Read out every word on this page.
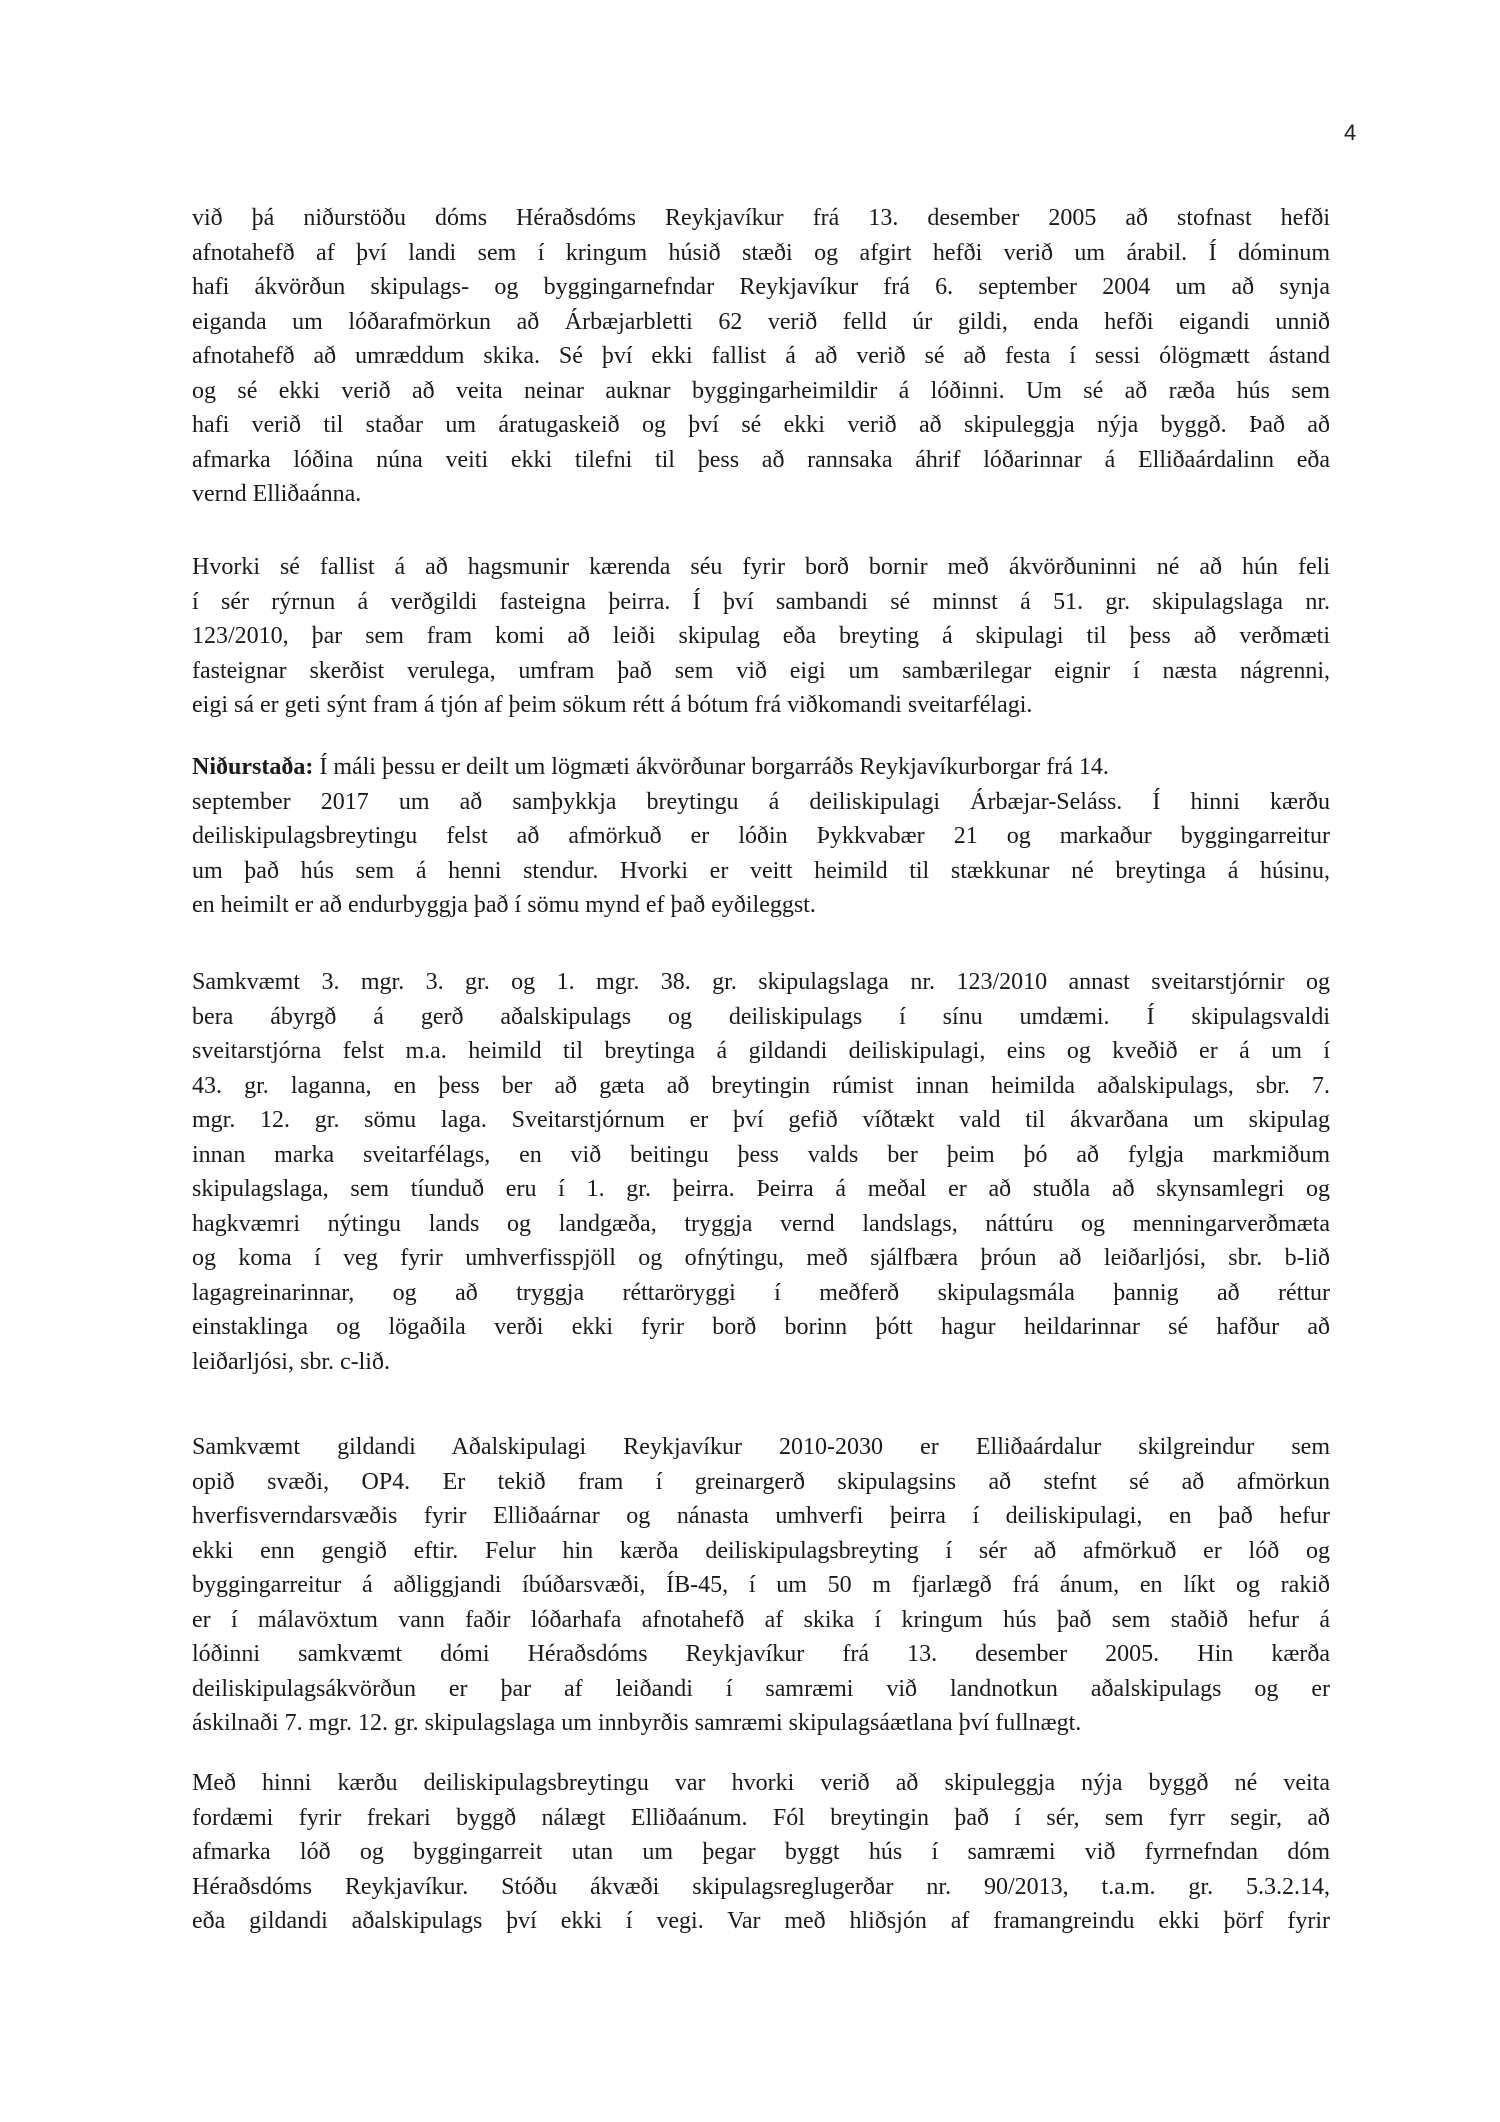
4
við þá niðurstöðu dóms Héraðsdóms Reykjavíkur frá 13. desember 2005 að stofnast hefði
afnotahefð af því landi sem í kringum húsið stæði og afgirt hefði verið um árabil. Í dóminum
hafi ákvörðun skipulags- og byggingarnefndar Reykjavíkur frá 6. september 2004 um að synja
eiganda um lóðarafmörkun að Árbæjarbletti 62 verið felld úr gildi, enda hefði eigandi unnið
afnotahefð að umræddum skika. Sé því ekki fallist á að verið sé að festa í sessi ólögmætt ástand
og sé ekki verið að veita neinar auknar byggingarheimildir á lóðinni. Um sé að ræða hús sem
hafi verið til staðar um áratugaskeið og því sé ekki verið að skipuleggja nýja byggð. Það að
afmarka lóðina núna veiti ekki tilefni til þess að rannsaka áhrif lóðarinnar á Elliðaárdalinn eða
vernd Elliðaánna.
Hvorki sé fallist á að hagsmunir kærenda séu fyrir borð bornir með ákvörðuninni né að hún feli
í sér rýrnun á verðgildi fasteigna þeirra. Í því sambandi sé minnst á 51. gr. skipulagslaga nr.
123/2010, þar sem fram komi að leiði skipulag eða breyting á skipulagi til þess að verðmæti
fasteignar skerðist verulega, umfram það sem við eigi um sambærilegar eignir í næsta nágrenni,
eigi sá er geti sýnt fram á tjón af þeim sökum rétt á bótum frá viðkomandi sveitarfélagi.
Niðurstaða: Í máli þessu er deilt um lögmæti ákvörðunar borgarráðs Reykjavíkurborgar frá 14.
september 2017 um að samþykkja breytingu á deiliskipulagi Árbæjar-Seláss. Í hinni kærðu
deiliskipulagsbreytingu felst að afmörkuð er lóðin Þykkvabær 21 og markaður byggingarreitur
um það hús sem á henni stendur. Hvorki er veitt heimild til stækkunar né breytinga á húsinu,
en heimilt er að endurbyggja það í sömu mynd ef það eyðileggst.
Samkvæmt 3. mgr. 3. gr. og 1. mgr. 38. gr. skipulagslaga nr. 123/2010 annast sveitarstjórnir og
bera ábyrgð á gerð aðalskipulags og deiliskipulags í sínu umdæmi. Í skipulagsvaldi
sveitarstjórna felst m.a. heimild til breytinga á gildandi deiliskipulagi, eins og kveðið er á um í
43. gr. laganna, en þess ber að gæta að breytingin rúmist innan heimilda aðalskipulags, sbr. 7.
mgr. 12. gr. sömu laga. Sveitarstjórnum er því gefið víðtækt vald til ákvarðana um skipulag
innan marka sveitarfélags, en við beitingu þess valds ber þeim þó að fylgja markmiðum
skipulagslaga, sem tíunduð eru í 1. gr. þeirra. Þeirra á meðal er að stuðla að skynsamlegri og
hagkvæmri nýtingu lands og landgæða, tryggja vernd landslags, náttúru og menningarverðmæta
og koma í veg fyrir umhverfisspjöll og ofnýtingu, með sjálfbæra þróun að leiðarljósi, sbr. b-lið
lagagreinarinnar, og að tryggja réttaröryggi í meðferð skipulagsmála þannig að réttur
einstaklinga og lögaðila verði ekki fyrir borð borinn þótt hagur heildarinnar sé hafður að
leiðarljósi, sbr. c-lið.
Samkvæmt gildandi Aðalskipulagi Reykjavíkur 2010-2030 er Elliðaárdalur skilgreindur sem
opið svæði, OP4. Er tekið fram í greinargerð skipulagsins að stefnt sé að afmörkun
hverfisverndarsvæðis fyrir Elliðaárnar og nánasta umhverfi þeirra í deiliskipulagi, en það hefur
ekki enn gengið eftir. Felur hin kærða deiliskipulagsbreyting í sér að afmörkuð er lóð og
byggingarreitur á aðliggjandi íbúðarsvæði, ÍB-45, í um 50 m fjarlægð frá ánum, en líkt og rakið
er í málavöxtum vann faðir lóðarhafa afnotahefð af skika í kringum hús það sem staðið hefur á
lóðinni samkvæmt dómi Héraðsdóms Reykjavíkur frá 13. desember 2005. Hin kærða
deiliskipulagsákvörðun er þar af leiðandi í samræmi við landnotkun aðalskipulags og er
áskilnaði 7. mgr. 12. gr. skipulagslaga um innbyrðis samræmi skipulagsáætlana því fullnægt.
Með hinni kærðu deiliskipulagsbreytingu var hvorki verið að skipuleggja nýja byggð né veita
fordæmi fyrir frekari byggð nálægt Elliðaánum. Fól breytingin það í sér, sem fyrr segir, að
afmarka lóð og byggingarreit utan um þegar byggt hús í samræmi við fyrrnefndan dóm
Héraðsdóms Reykjavíkur. Stóðu ákvæði skipulagsreglugerðar nr. 90/2013, t.a.m. gr. 5.3.2.14,
eða gildandi aðalskipulags því ekki í vegi. Var með hliðsjón af framangreindu ekki þörf fyrir
